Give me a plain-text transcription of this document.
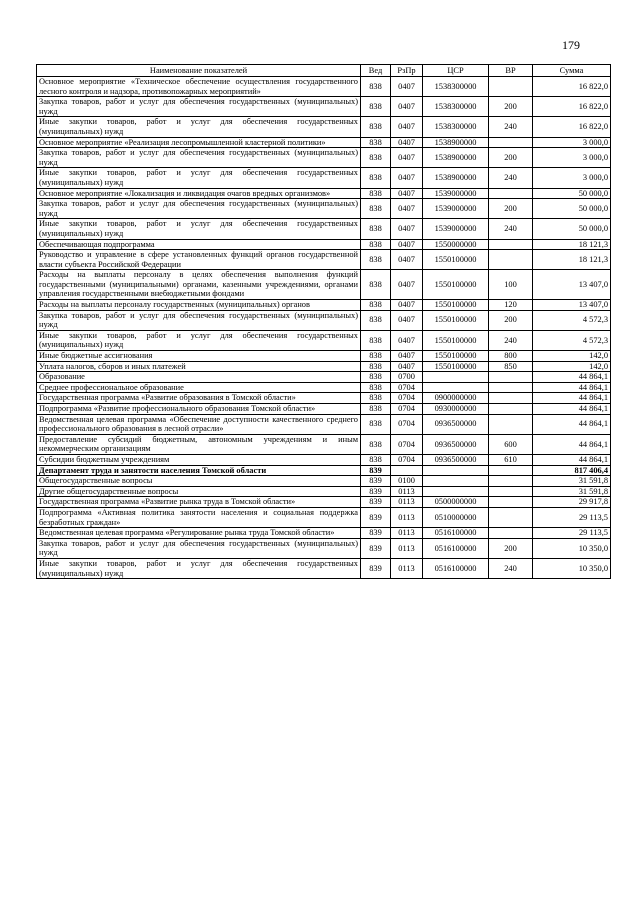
179
Наименование показателей	Вед	РзПр	ЦСР	ВР	Сумма
Основное мероприятие «Техническое обеспечение осуществления государственного лесного контроля и надзора, противопожарных мероприятий»	838	0407	1538300000		16 822,0
Закупка товаров, работ и услуг для обеспечения государственных (муниципальных) нужд	838	0407	1538300000	200	16 822,0
Иные закупки товаров, работ и услуг для обеспечения государственных (муниципальных) нужд	838	0407	1538300000	240	16 822,0
Основное мероприятие «Реализация лесопромышленной кластерной политики»	838	0407	1538900000		3 000,0
Закупка товаров, работ и услуг для обеспечения государственных (муниципальных) нужд	838	0407	1538900000	200	3 000,0
Иные закупки товаров, работ и услуг для обеспечения государственных (муниципальных) нужд	838	0407	1538900000	240	3 000,0
Основное мероприятие «Локализация и ликвидация очагов вредных организмов»	838	0407	1539000000		50 000,0
Закупка товаров, работ и услуг для обеспечения государственных (муниципальных) нужд	838	0407	1539000000	200	50 000,0
Иные закупки товаров, работ и услуг для обеспечения государственных (муниципальных) нужд	838	0407	1539000000	240	50 000,0
Обеспечивающая подпрограмма	838	0407	1550000000		18 121,3
Руководство и управление в сфере установленных функций органов государственной власти субъекта Российской Федерации	838	0407	1550100000		18 121,3
Расходы на выплаты персоналу в целях обеспечения выполнения функций государственными (муниципальными) органами, казенными учреждениями, органами управления государственными внебюджетными фондами	838	0407	1550100000	100	13 407,0
Расходы на выплаты персоналу государственных (муниципальных) органов	838	0407	1550100000	120	13 407,0
Закупка товаров, работ и услуг для обеспечения государственных (муниципальных) нужд	838	0407	1550100000	200	4 572,3
Иные закупки товаров, работ и услуг для обеспечения государственных (муниципальных) нужд	838	0407	1550100000	240	4 572,3
Иные бюджетные ассигнования	838	0407	1550100000	800	142,0
Уплата налогов, сборов и иных платежей	838	0407	1550100000	850	142,0
Образование	838	0700			44 864,1
Среднее профессиональное образование	838	0704			44 864,1
Государственная программа «Развитие образования в Томской области»	838	0704	0900000000		44 864,1
Подпрограмма «Развитие профессионального образования Томской области»	838	0704	0930000000		44 864,1
Ведомственная целевая программа «Обеспечение доступности качественного среднего профессионального образования в лесной отрасли»	838	0704	0936500000		44 864,1
Предоставление субсидий бюджетным, автономным учреждениям и иным некоммерческим организациям	838	0704	0936500000	600	44 864,1
Субсидии бюджетным учреждениям	838	0704	0936500000	610	44 864,1
Департамент труда и занятости населения Томской области	839				817 406,4
Общегосударственные вопросы	839	0100			31 591,8
Другие общегосударственные вопросы	839	0113			31 591,8
Государственная программа «Развитие рынка труда в Томской области»	839	0113	0500000000		29 917,8
Подпрограмма «Активная политика занятости населения и социальная поддержка безработных граждан»	839	0113	0510000000		29 113,5
Ведомственная целевая программа «Регулирование рынка труда Томской области»	839	0113	0516100000		29 113,5
Закупка товаров, работ и услуг для обеспечения государственных (муниципальных) нужд	839	0113	0516100000	200	10 350,0
Иные закупки товаров, работ и услуг для обеспечения государственных (муниципальных) нужд	839	0113	0516100000	240	10 350,0
